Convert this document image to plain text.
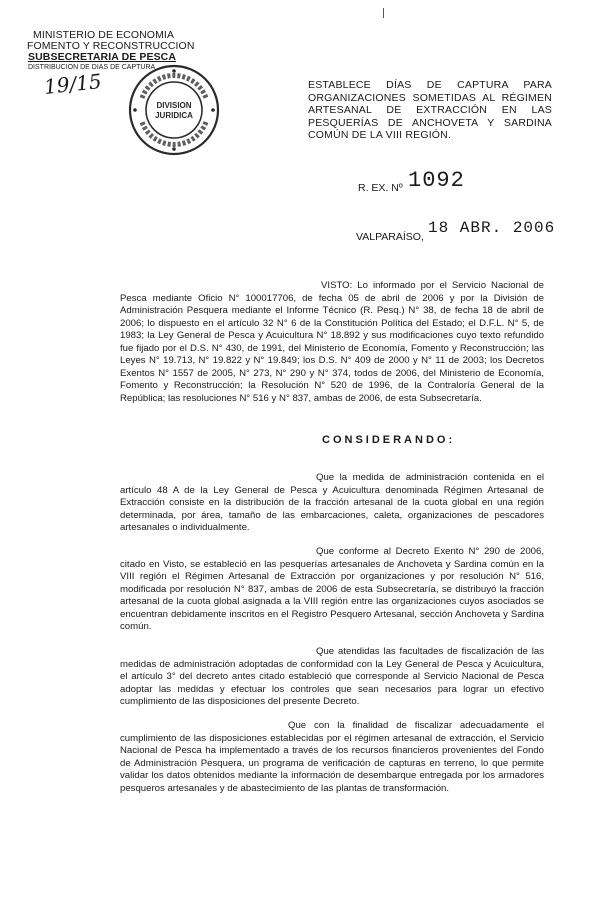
MINISTERIO DE ECONOMIA
FOMENTO Y RECONSTRUCCION
SUBSECRETARIA DE PESCA
DISTRIBUCION DE DIAS DE CAPTURA
19/15
DIVISION
JURIDICA
ESTABLECE DÍAS DE CAPTURA PARA ORGANIZACIONES SOMETIDAS AL RÉGIMEN ARTESANAL DE EXTRACCIÓN EN LAS PESQUERÍAS DE ANCHOVETA Y SARDINA COMÚN DE LA VIII REGIÓN.
R. EX. Nº 1092
VALPARAÍSO, 18 ABR. 2006
VISTO: Lo informado por el Servicio Nacional de Pesca mediante Oficio N° 100017706, de fecha 05 de abril de 2006 y por la División de Administración Pesquera mediante el Informe Técnico (R. Pesq.) N° 38, de fecha 18 de abril de 2006; lo dispuesto en el artículo 32 N° 6 de la Constitución Política del Estado; el D.F.L. N° 5, de 1983; la Ley General de Pesca y Acuicultura N° 18.892 y sus modificaciones cuyo texto refundido fue fijado por el D.S. N° 430, de 1991, del Ministerio de Economía, Fomento y Reconstrucción; las Leyes N° 19.713, N° 19.822 y N° 19.849; los D.S. N° 409 de 2000 y N° 11 de 2003; los Decretos Exentos N° 1557 de 2005, N° 273, N° 290 y N° 374, todos de 2006, del Ministerio de Economía, Fomento y Reconstrucción; la Resolución N° 520 de 1996, de la Contraloría General de la República; las resoluciones N° 516 y N° 837, ambas de 2006, de esta Subsecretaría.
CONSIDERANDO:
Que la medida de administración contenida en el artículo 48 A de la Ley General de Pesca y Acuicultura denominada Régimen Artesanal de Extracción consiste en la distribución de la fracción artesanal de la cuota global en una región determinada, por área, tamaño de las embarcaciones, caleta, organizaciones de pescadores artesanales o individualmente.
Que conforme al Decreto Exento N° 290 de 2006, citado en Visto, se estableció en las pesquerías artesanales de Anchoveta y Sardina común en la VIII región el Régimen Artesanal de Extracción por organizaciones y por resolución N° 516, modificada por resolución N° 837, ambas de 2006 de esta Subsecretaría, se distribuyó la fracción artesanal de la cuota global asignada a la VIII región entre las organizaciones cuyos asociados se encuentran debidamente inscritos en el Registro Pesquero Artesanal, sección Anchoveta y Sardina común.
Que atendidas las facultades de fiscalización de las medidas de administración adoptadas de conformidad con la Ley General de Pesca y Acuicultura, el artículo 3° del decreto antes citado estableció que corresponde al Servicio Nacional de Pesca adoptar las medidas y efectuar los controles que sean necesarios para lograr un efectivo cumplimiento de las disposiciones del presente Decreto.
Que con la finalidad de fiscalizar adecuadamente el cumplimiento de las disposiciones establecidas por el régimen artesanal de extracción, el Servicio Nacional de Pesca ha implementado a través de los recursos financieros provenientes del Fondo de Administración Pesquera, un programa de verificación de capturas en terreno, lo que permite validar los datos obtenidos mediante la información de desembarque entregada por los armadores pesqueros artesanales y de abastecimiento de las plantas de transformación.
